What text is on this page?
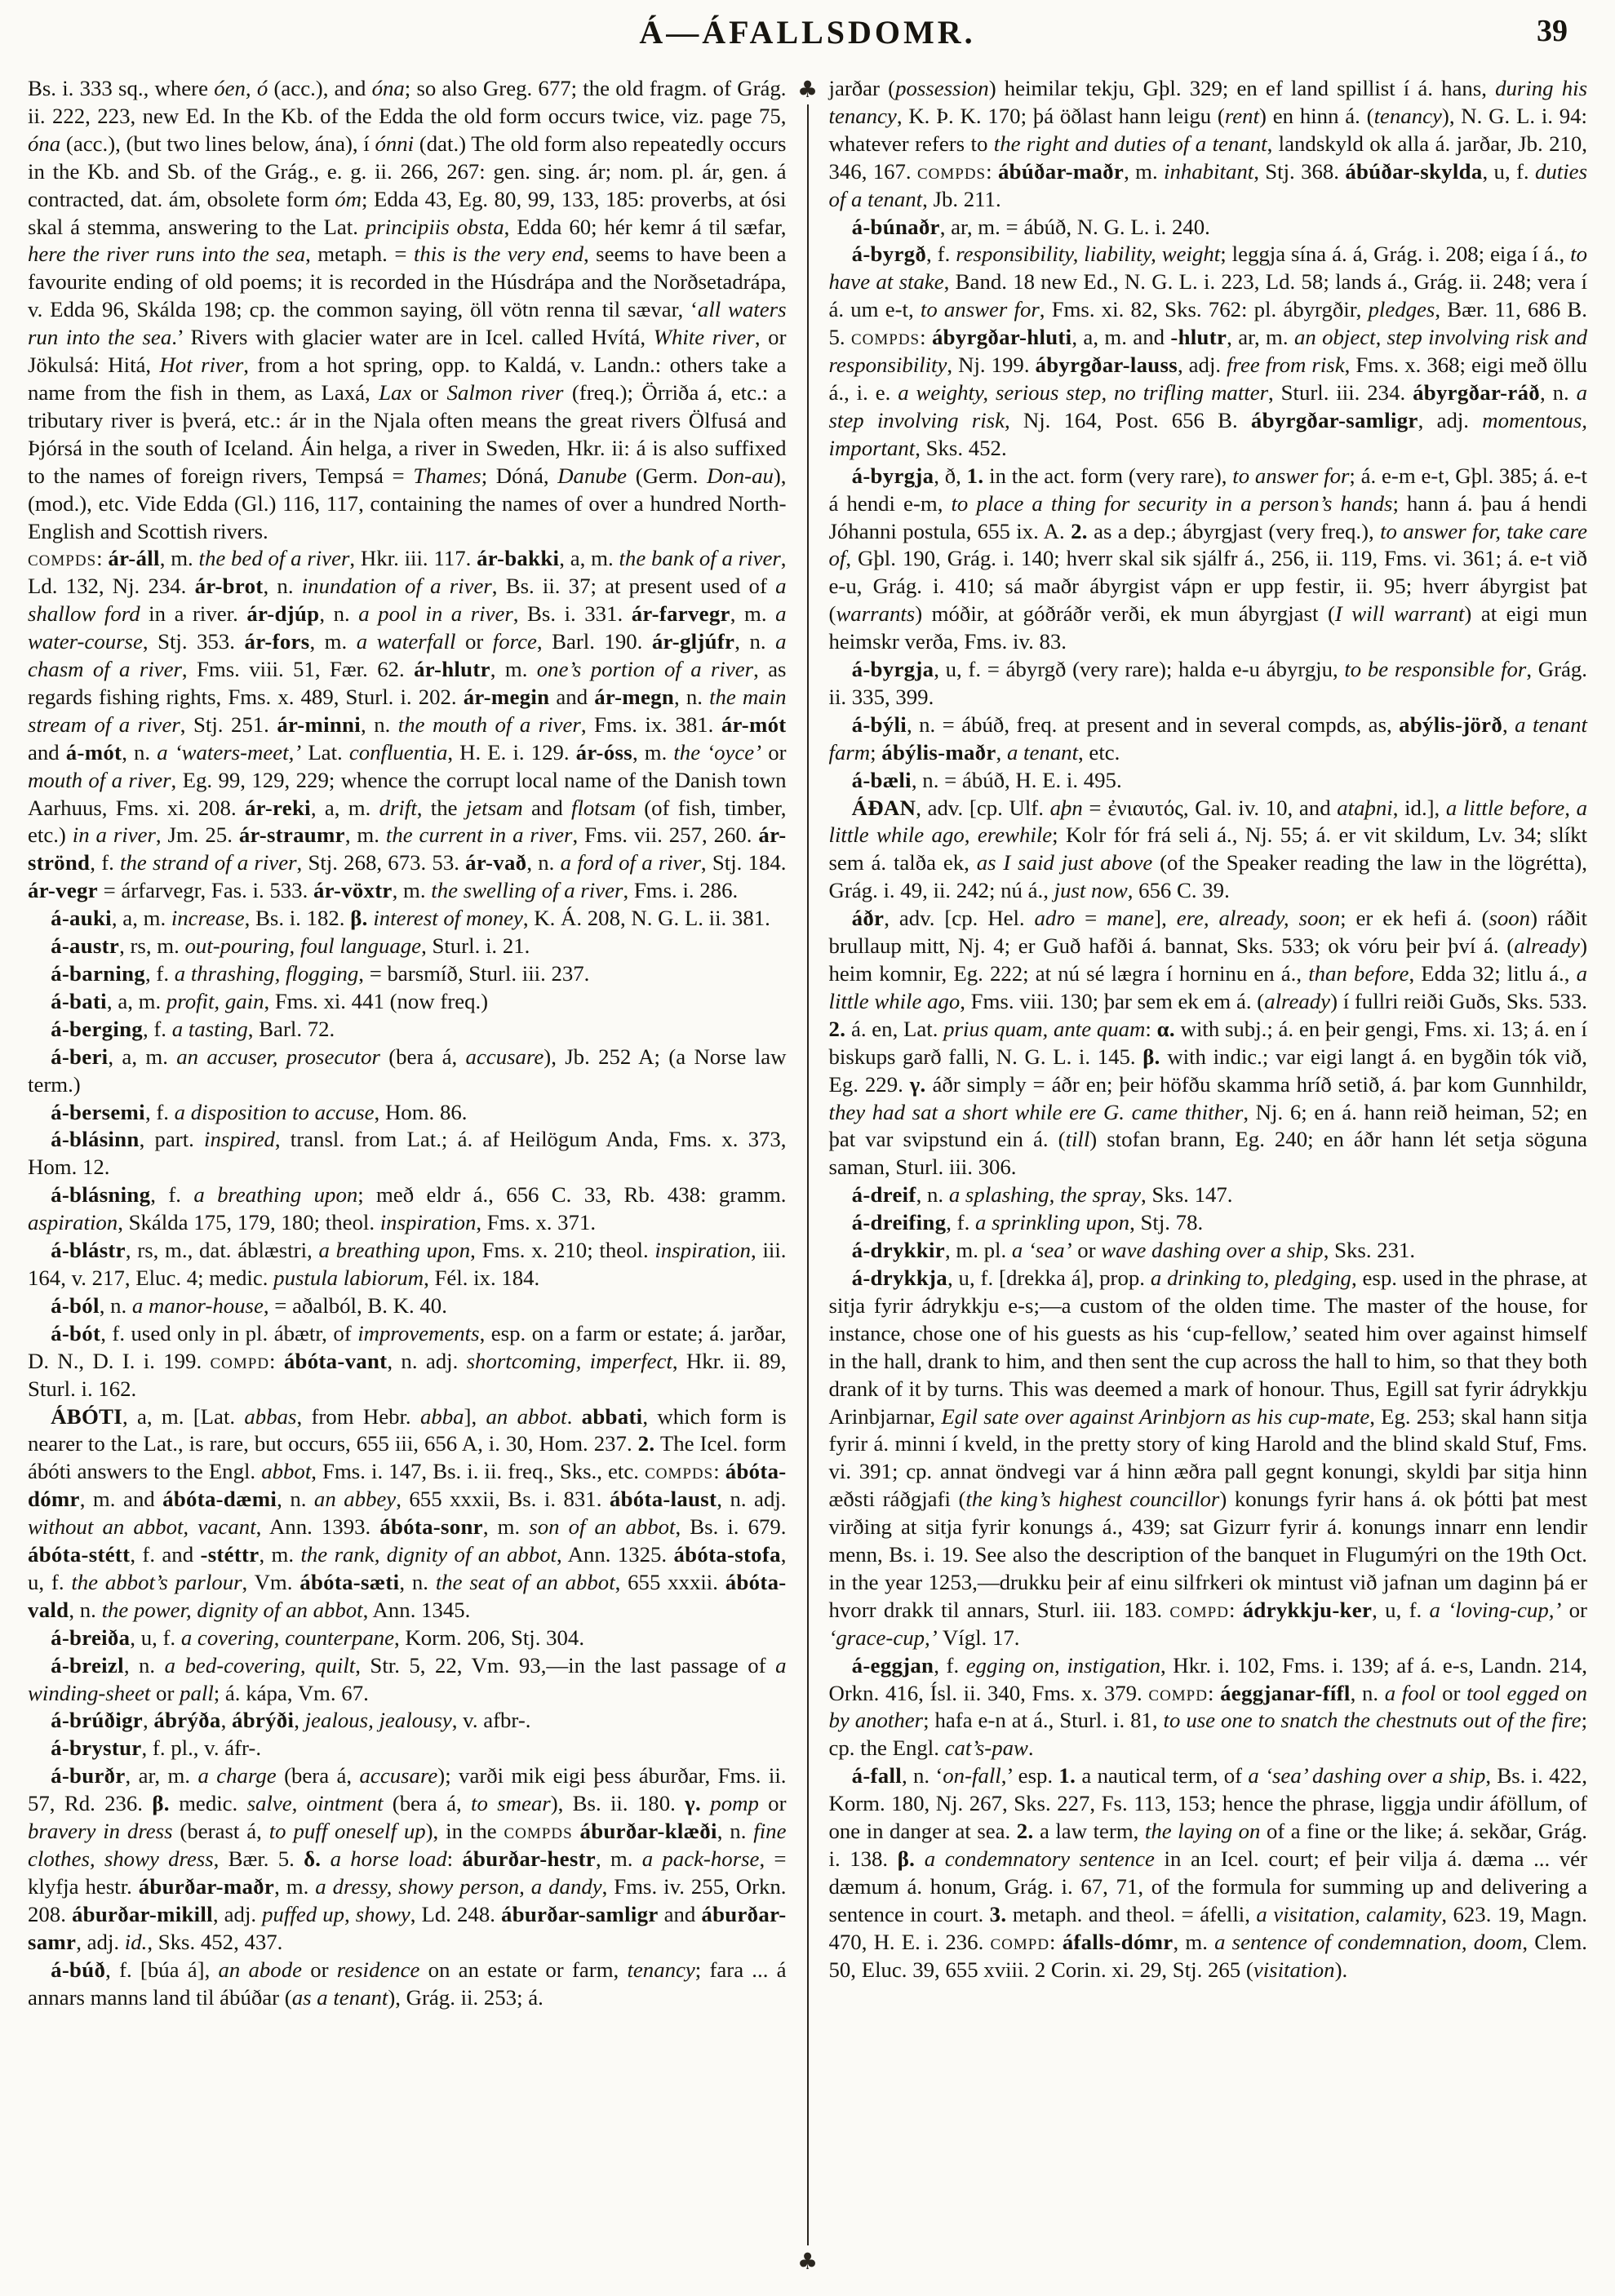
Á—ÁFALLSDOMR.	39
♣
♣

Bs. i. 333 sq., where óen, ó (acc.), and óna; so also Greg. 677; the old fragm. of Grág. ii. 222, 223, new Ed. In the Kb. of the Edda the old form occurs twice, viz. page 75, óna (acc.), (but two lines below, ána), í ónni (dat.) The old form also repeatedly occurs in the Kb. and Sb. of the Grág., e. g. ii. 266, 267: gen. sing. ár; nom. pl. ár, gen. á contracted, dat. ám, obsolete form óm; Edda 43, Eg. 80, 99, 133, 185: proverbs, at ósi skal á stemma, answering to the Lat. principiis obsta, Edda 60; hér kemr á til sæfar, here the river runs into the sea, metaph. = this is the very end, seems to have been a favourite ending of old poems; it is recorded in the Húsdrápa and the Norðsetadrápa, v. Edda 96, Skálda 198; cp. the common saying, öll vötn renna til sævar, ‘all waters run into the sea.’ Rivers with glacier water are in Icel. called Hvítá, White river, or Jökulsá: Hitá, Hot river, from a hot spring, opp. to Kaldá, v. Landn.: others take a name from the fish in them, as Laxá, Lax or Salmon river (freq.); Örriða á, etc.: a tributary river is þverá, etc.: ár in the Njala often means the great rivers Ölfusá and Þjórsá in the south of Iceland. Áin helga, a river in Sweden, Hkr. ii: á is also suffixed to the names of foreign rivers, Tempsá = Thames; Dóná, Danube (Germ. Don-au), (mod.), etc. Vide Edda (Gl.) 116, 117, containing the names of over a hundred North-English and Scottish rivers.

compds: ár-áll, m. the bed of a river, Hkr. iii. 117. ár-bakki, a, m. the bank of a river, Ld. 132, Nj. 234. ár-brot, n. inundation of a river, Bs. ii. 37; at present used of a shallow ford in a river. ár-djúp, n. a pool in a river, Bs. i. 331. ár-farvegr, m. a water-course, Stj. 353. ár-fors, m. a waterfall or force, Barl. 190. ár-gljúfr, n. a chasm of a river, Fms. viii. 51, Fær. 62. ár-hlutr, m. one’s portion of a river, as regards fishing rights, Fms. x. 489, Sturl. i. 202. ár-megin and ár-megn, n. the main stream of a river, Stj. 251. ár-minni, n. the mouth of a river, Fms. ix. 381. ár-mót and á-mót, n. a ‘waters-meet,’ Lat. confluentia, H. E. i. 129. ár-óss, m. the ‘oyce’ or mouth of a river, Eg. 99, 129, 229; whence the corrupt local name of the Danish town Aarhuus, Fms. xi. 208. ár-reki, a, m. drift, the jetsam and flotsam (of fish, timber, etc.) in a river, Jm. 25. ár-straumr, m. the current in a river, Fms. vii. 257, 260. ár-strönd, f. the strand of a river, Stj. 268, 673. 53. ár-vað, n. a ford of a river, Stj. 184. ár-vegr = árfarvegr, Fas. i. 533. ár-vöxtr, m. the swelling of a river, Fms. i. 286.

á-auki, a, m. increase, Bs. i. 182. β. interest of money, K. Á. 208, N. G. L. ii. 381.

á-austr, rs, m. out-pouring, foul language, Sturl. i. 21.

á-barning, f. a thrashing, flogging, = barsmíð, Sturl. iii. 237.

á-bati, a, m. profit, gain, Fms. xi. 441 (now freq.)

á-berging, f. a tasting, Barl. 72.

á-beri, a, m. an accuser, prosecutor (bera á, accusare), Jb. 252 A; (a Norse law term.)

á-bersemi, f. a disposition to accuse, Hom. 86.

á-blásinn, part. inspired, transl. from Lat.; á. af Heilögum Anda, Fms. x. 373, Hom. 12.

á-blásning, f. a breathing upon; með eldr á., 656 C. 33, Rb. 438: gramm. aspiration, Skálda 175, 179, 180; theol. inspiration, Fms. x. 371.

á-blástr, rs, m., dat. áblæstri, a breathing upon, Fms. x. 210; theol. inspiration, iii. 164, v. 217, Eluc. 4; medic. pustula labiorum, Fél. ix. 184.

á-ból, n. a manor-house, = aðalból, B. K. 40.

á-bót, f. used only in pl. ábætr, of improvements, esp. on a farm or estate; á. jarðar, D. N., D. I. i. 199. compd: ábóta-vant, n. adj. shortcoming, imperfect, Hkr. ii. 89, Sturl. i. 162.

ÁBÓTI, a, m. [Lat. abbas, from Hebr. abba], an abbot. abbati, which form is nearer to the Lat., is rare, but occurs, 655 iii, 656 A, i. 30, Hom. 237. 2. The Icel. form ábóti answers to the Engl. abbot, Fms. i. 147, Bs. i. ii. freq., Sks., etc. compds: ábóta-dómr, m. and ábóta-dæmi, n. an abbey, 655 xxxii, Bs. i. 831. ábóta-laust, n. adj. without an abbot, vacant, Ann. 1393. ábóta-sonr, m. son of an abbot, Bs. i. 679. ábóta-stétt, f. and -stéttr, m. the rank, dignity of an abbot, Ann. 1325. ábóta-stofa, u, f. the abbot’s parlour, Vm. ábóta-sæti, n. the seat of an abbot, 655 xxxii. ábóta-vald, n. the power, dignity of an abbot, Ann. 1345.

á-breiða, u, f. a covering, counterpane, Korm. 206, Stj. 304.

á-breizl, n. a bed-covering, quilt, Str. 5, 22, Vm. 93,—in the last passage of a winding-sheet or pall; á. kápa, Vm. 67.

á-brúðigr, ábrýða, ábrýði, jealous, jealousy, v. afbr-.

á-brystur, f. pl., v. áfr-.

á-burðr, ar, m. a charge (bera á, accusare); varði mik eigi þess áburðar, Fms. ii. 57, Rd. 236. β. medic. salve, ointment (bera á, to smear), Bs. ii. 180. γ. pomp or bravery in dress (berast á, to puff oneself up), in the compds áburðar-klæði, n. fine clothes, showy dress, Bær. 5. δ. a horse load: áburðar-hestr, m. a pack-horse, = klyfja hestr. áburðar-maðr, m. a dressy, showy person, a dandy, Fms. iv. 255, Orkn. 208. áburðar-mikill, adj. puffed up, showy, Ld. 248. áburðar-samligr and áburðar-samr, adj. id., Sks. 452, 437.

á-búð, f. [búa á], an abode or residence on an estate or farm, tenancy; fara ... á annars manns land til ábúðar (as a tenant), Grág. ii. 253; á.

jarðar (possession) heimilar tekju, Gþl. 329; en ef land spillist í á. hans, during his tenancy, K. Þ. K. 170; þá öðlast hann leigu (rent) en hinn á. (tenancy), N. G. L. i. 94: whatever refers to the right and duties of a tenant, landskyld ok alla á. jarðar, Jb. 210, 346, 167. compds: ábúðar-maðr, m. inhabitant, Stj. 368. ábúðar-skylda, u, f. duties of a tenant, Jb. 211.

á-búnaðr, ar, m. = ábúð, N. G. L. i. 240.

á-byrgð, f. responsibility, liability, weight; leggja sína á. á, Grág. i. 208; eiga í á., to have at stake, Band. 18 new Ed., N. G. L. i. 223, Ld. 58; lands á., Grág. ii. 248; vera í á. um e-t, to answer for, Fms. xi. 82, Sks. 762: pl. ábyrgðir, pledges, Bær. 11, 686 B. 5. compds: ábyrgðar-hluti, a, m. and -hlutr, ar, m. an object, step involving risk and responsibility, Nj. 199. ábyrgðar-lauss, adj. free from risk, Fms. x. 368; eigi með öllu á., i. e. a weighty, serious step, no trifling matter, Sturl. iii. 234. ábyrgðar-ráð, n. a step involving risk, Nj. 164, Post. 656 B. ábyrgðar-samligr, adj. momentous, important, Sks. 452.

á-byrgja, ð, 1. in the act. form (very rare), to answer for; á. e-m e-t, Gþl. 385; á. e-t á hendi e-m, to place a thing for security in a person’s hands; hann á. þau á hendi Jóhanni postula, 655 ix. A. 2. as a dep.; ábyrgjast (very freq.), to answer for, take care of, Gþl. 190, Grág. i. 140; hverr skal sik sjálfr á., 256, ii. 119, Fms. vi. 361; á. e-t við e-u, Grág. i. 410; sá maðr ábyrgist vápn er upp festir, ii. 95; hverr ábyrgist þat (warrants) móðir, at góðráðr verði, ek mun ábyrgjast (I will warrant) at eigi mun heimskr verða, Fms. iv. 83.

á-byrgja, u, f. = ábyrgð (very rare); halda e-u ábyrgju, to be responsible for, Grág. ii. 335, 399.

á-býli, n. = ábúð, freq. at present and in several compds, as, abýlis-jörð, a tenant farm; ábýlis-maðr, a tenant, etc.

á-bæli, n. = ábúð, H. E. i. 495.

ÁÐAN, adv. [cp. Ulf. aþn = ἐνιαυτός, Gal. iv. 10, and ataþni, id.], a little before, a little while ago, erewhile; Kolr fór frá seli á., Nj. 55; á. er vit skildum, Lv. 34; slíkt sem á. talða ek, as I said just above (of the Speaker reading the law in the lögrétta), Grág. i. 49, ii. 242; nú á., just now, 656 C. 39.

áðr, adv. [cp. Hel. adro = mane], ere, already, soon; er ek hefi á. (soon) ráðit brullaup mitt, Nj. 4; er Guð hafði á. bannat, Sks. 533; ok vóru þeir því á. (already) heim komnir, Eg. 222; at nú sé lægra í horninu en á., than before, Edda 32; litlu á., a little while ago, Fms. viii. 130; þar sem ek em á. (already) í fullri reiði Guðs, Sks. 533. 2. á. en, Lat. prius quam, ante quam: α. with subj.; á. en þeir gengi, Fms. xi. 13; á. en í biskups garð falli, N. G. L. i. 145. β. with indic.; var eigi langt á. en bygðin tók við, Eg. 229. γ. áðr simply = áðr en; þeir höfðu skamma hríð setið, á. þar kom Gunnhildr, they had sat a short while ere G. came thither, Nj. 6; en á. hann reið heiman, 52; en þat var svipstund ein á. (till) stofan brann, Eg. 240; en áðr hann lét setja söguna saman, Sturl. iii. 306.

á-dreif, n. a splashing, the spray, Sks. 147.

á-dreifing, f. a sprinkling upon, Stj. 78.

á-drykkir, m. pl. a ‘sea’ or wave dashing over a ship, Sks. 231.

á-drykkja, u, f. [drekka á], prop. a drinking to, pledging, esp. used in the phrase, at sitja fyrir ádrykkju e-s;—a custom of the olden time. The master of the house, for instance, chose one of his guests as his ‘cup-fellow,’ seated him over against himself in the hall, drank to him, and then sent the cup across the hall to him, so that they both drank of it by turns. This was deemed a mark of honour. Thus, Egill sat fyrir ádrykkju Arinbjarnar, Egil sate over against Arinbjorn as his cup-mate, Eg. 253; skal hann sitja fyrir á. minni í kveld, in the pretty story of king Harold and the blind skald Stuf, Fms. vi. 391; cp. annat öndvegi var á hinn æðra pall gegnt konungi, skyldi þar sitja hinn æðsti ráðgjafi (the king’s highest councillor) konungs fyrir hans á. ok þótti þat mest virðing at sitja fyrir konungs á., 439; sat Gizurr fyrir á. konungs innarr enn lendir menn, Bs. i. 19. See also the description of the banquet in Flugumýri on the 19th Oct. in the year 1253,—drukku þeir af einu silfrkeri ok mintust við jafnan um daginn þá er hvorr drakk til annars, Sturl. iii. 183. compd: ádrykkju-ker, u, f. a ‘loving-cup,’ or ‘grace-cup,’ Vígl. 17.

á-eggjan, f. egging on, instigation, Hkr. i. 102, Fms. i. 139; af á. e-s, Landn. 214, Orkn. 416, Ísl. ii. 340, Fms. x. 379. compd: áeggjanar-fífl, n. a fool or tool egged on by another; hafa e-n at á., Sturl. i. 81, to use one to snatch the chestnuts out of the fire; cp. the Engl. cat’s-paw.

á-fall, n. ‘on-fall,’ esp. 1. a nautical term, of a ‘sea’ dashing over a ship, Bs. i. 422, Korm. 180, Nj. 267, Sks. 227, Fs. 113, 153; hence the phrase, liggja undir áföllum, of one in danger at sea. 2. a law term, the laying on of a fine or the like; á. sekðar, Grág. i. 138. β. a condemnatory sentence in an Icel. court; ef þeir vilja á. dæma ... vér dæmum á. honum, Grág. i. 67, 71, of the formula for summing up and delivering a sentence in court. 3. metaph. and theol. = áfelli, a visitation, calamity, 623. 19, Magn. 470, H. E. i. 236. compd: áfalls-dómr, m. a sentence of condemnation, doom, Clem. 50, Eluc. 39, 655 xviii. 2 Corin. xi. 29, Stj. 265 (visitation).
